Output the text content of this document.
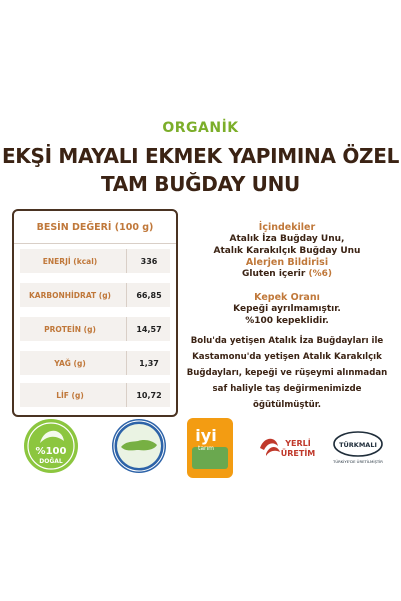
ORGANİK
EKŞİ MAYALI EKMEK YAPIMINA ÖZEL
TAM BUĞDAY UNU
BESİN DEĞERİ (100 g)
ENERJİ (kcal)	336
KARBONHİDRAT (g)	66,85
PROTEİN (g)	14,57
YAĞ (g)	1,37
LİF (g)	10,72
İçindekiler
Atalık İza Buğday Unu,
Atalık Karakılçık Buğday Unu
Alerjen Bildirisi
Gluten içerir (%6)
Kepek Oranı
Kepeği ayrılmamıştır.
%100 kepeklidir.
Bolu'da yetişen Atalık İza Buğdayları ile
Kastamonu'da yetişen Atalık Karakılçık
Buğdayları, kepeği ve rüşeymi alınmadan
saf haliyle taş değirmenimizde
öğütülmüştür.
%100
DOĞAL
iyi
tarım
YERLİ
ÜRETİM
TÜRKMALI
TÜRKİYE'DE ÜRETİLMİŞTİR
